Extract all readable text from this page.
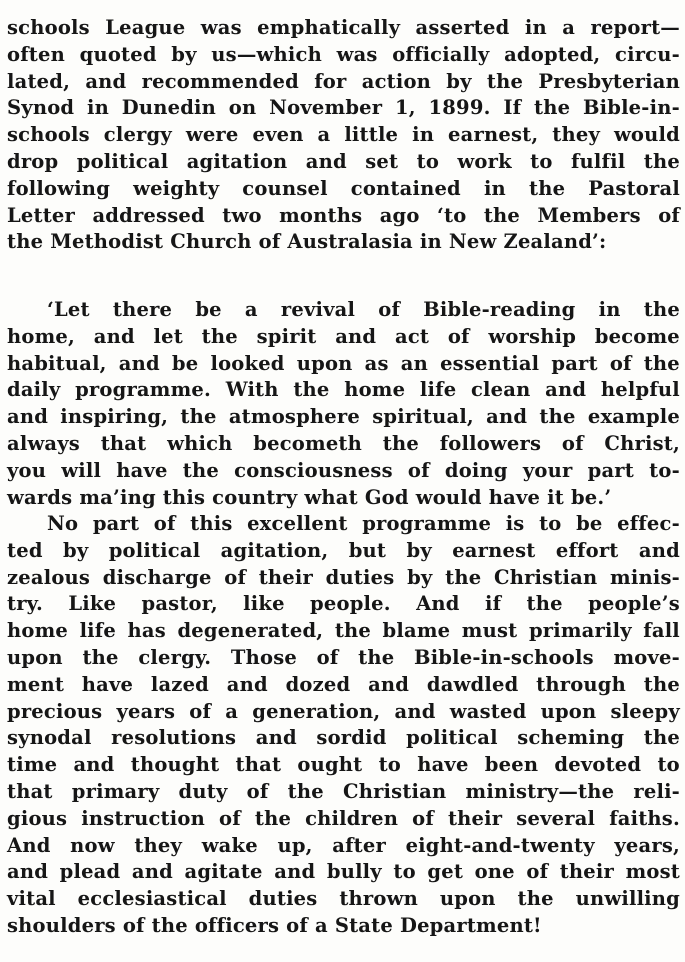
schools League was emphatically asserted in a report—
often quoted by us—which was officially adopted, circu-
lated, and recommended for action by the Presbyterian
Synod in Dunedin on November 1, 1899. If the Bible-in-
schools clergy were even a little in earnest, they would
drop political agitation and set to work to fulfil the
following weighty counsel contained in the Pastoral
Letter addressed two months ago ‘to the Members of
the Methodist Church of Australasia in New Zealand’:
‘Let there be a revival of Bible-reading in the
home, and let the spirit and act of worship become
habitual, and be looked upon as an essential part of the
daily programme. With the home life clean and helpful
and inspiring, the atmosphere spiritual, and the example
always that which becometh the followers of Christ,
you will have the consciousness of doing your part to-
wards ma’ing this country what God would have it be.’
No part of this excellent programme is to be effec-
ted by political agitation, but by earnest effort and
zealous discharge of their duties by the Christian minis-
try. Like pastor, like people. And if the people’s
home life has degenerated, the blame must primarily fall
upon the clergy. Those of the Bible-in-schools move-
ment have lazed and dozed and dawdled through the
precious years of a generation, and wasted upon sleepy
synodal resolutions and sordid political scheming the
time and thought that ought to have been devoted to
that primary duty of the Christian ministry—the reli-
gious instruction of the children of their several faiths.
And now they wake up, after eight-and-twenty years,
and plead and agitate and bully to get one of their most
vital ecclesiastical duties thrown upon the unwilling
shoulders of the officers of a State Department!
